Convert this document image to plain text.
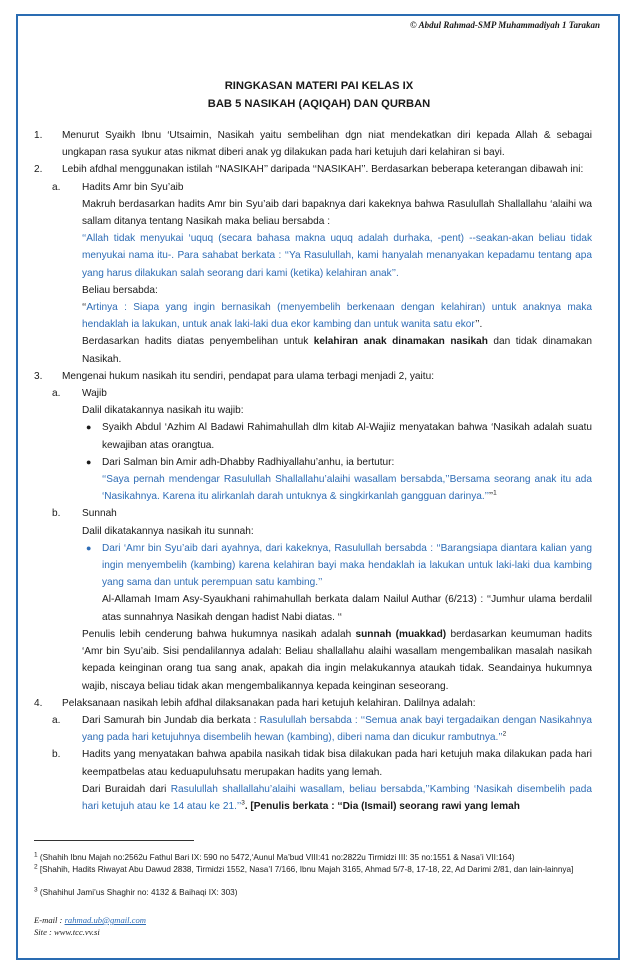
© Abdul Rahmad-SMP Muhammadiyah 1 Tarakan
RINGKASAN MATERI PAI KELAS IX
BAB 5 NASIKAH (AQIQAH) DAN QURBAN
1. Menurut Syaikh Ibnu ‘Utsaimin, Nasikah yaitu sembelihan dgn niat mendekatkan diri kepada Allah & sebagai ungkapan rasa syukur atas nikmat diberi anak yg dilakukan pada hari ketujuh dari kelahiran si bayi.
2. Lebih afdhal menggunakan istilah ‘‘NASIKAH’’ daripada ‘‘NASIKAH’’. Berdasarkan beberapa keterangan dibawah ini:
a. Hadits Amr bin Syu’aib
Makruh berdasarkan hadits Amr bin Syu’aib dari bapaknya dari kakeknya bahwa Rasulullah Shallallahu ‘alaihi wa sallam ditanya tentang Nasikah maka beliau bersabda :
‘‘Allah tidak menyukai ‘uquq (secara bahasa makna uquq adalah durhaka, -pent) --seakan-akan beliau tidak menyukai nama itu-. Para sahabat berkata : ‘‘Ya Rasulullah, kami hanyalah menanyakan kepadamu tentang apa yang harus dilakukan salah seorang dari kami (ketika) kelahiran anak’’.
Beliau bersabda:
‘‘Artinya : Siapa yang ingin bernasikah (menyembelih berkenaan dengan kelahiran) untuk anaknya maka hendaklah ia lakukan, untuk anak laki-laki dua ekor kambing dan untuk wanita satu ekor’’.
Berdasarkan hadits diatas penyembelihan untuk kelahiran anak dinamakan nasikah dan tidak dinamakan Nasikah.
3. Mengenai hukum nasikah itu sendiri, pendapat para ulama terbagi menjadi 2, yaitu:
a. Wajib
Dalil dikatakannya nasikah itu wajib:
● Syaikh Abdul ‘Azhim Al Badawi Rahimahullah dlm kitab Al-Wajiiz menyatakan bahwa ‘Nasikah adalah suatu kewajiban atas orangtua.
● Dari Salman bin Amir adh-Dhabby Radhiyallahu’anhu, ia bertutur:
‘‘Saya pernah mendengar Rasulullah Shallallahu’alaihi wasallam bersabda,’’Bersama seorang anak itu ada ‘Nasikahnya. Karena itu alirkanlah darah untuknya & singkirkanlah gangguan darinya.’’’’$^1$
b. Sunnah
Dalil dikatakannya nasikah itu sunnah:
● Dari ‘Amr bin Syu’aib dari ayahnya, dari kakeknya, Rasulullah bersabda : ‘‘Barangsiapa diantara kalian yang ingin menyembelih (kambing) karena kelahiran bayi maka hendaklah ia lakukan untuk laki-laki dua kambing yang sama dan untuk perempuan satu kambing.’’
Al-Allamah Imam Asy-Syaukhani rahimahullah berkata dalam Nailul Authar (6/213) : ‘‘Jumhur ulama berdalil atas sunnahnya Nasikah dengan hadist Nabi diatas. ‘‘
Penulis lebih cenderung bahwa hukumnya nasikah adalah sunnah (muakkad) berdasarkan keumuman hadits ‘Amr bin Syu’aib. Sisi pendalilannya adalah: Beliau shallallahu alaihi wasallam mengembalikan masalah nasikah kepada keinginan orang tua sang anak, apakah dia ingin melakukannya ataukah tidak. Seandainya hukumnya wajib, niscaya beliau tidak akan mengembalikannya kepada keinginan seseorang.
4. Pelaksanaan nasikah lebih afdhal dilaksanakan pada hari ketujuh kelahiran. Dalilnya adalah:
a. Dari Samurah bin Jundab dia berkata : Rasulullah bersabda : ‘‘Semua anak bayi tergadaikan dengan Nasikahnya yang pada hari ketujuhnya disembelih hewan (kambing), diberi nama dan dicukur rambutnya.’’$^2$
b. Hadits yang menyatakan bahwa apabila nasikah tidak bisa dilakukan pada hari ketujuh maka dilakukan pada hari keempatbelas atau keduapuluhsatu merupakan hadits yang lemah.
Dari Buraidah dari Rasulullah shallallahu’alaihi wasallam, beliau bersabda,’’Kambing ‘Nasikah disembelih pada hari ketujuh atau ke 14 atau ke 21.’’$^3$. [Penulis berkata : ‘‘Dia (Ismail) seorang rawi yang lemah
$^1$ (Shahih Ibnu Majah no:2562u Fathul Bari IX: 590 no 5472,‘Aunul Ma’bud VIII:41 no:2822u Tirmidzi III: 35 no:1551 & Nasa’i VII:164)
$^2$ [Shahih, Hadits Riwayat Abu Dawud 2838, Tirmidzi 1552, Nasa’I 7/166, Ibnu Majah 3165, Ahmad 5/7-8, 17-18, 22, Ad Darimi 2/81, dan lain-lainnya]
$^3$ (Shahihul Jami’us Shaghir no: 4132 & Baihaqi IX: 303)
E-mail : rahmad.ub@gmail.com
Site : www.tcc.vv.si
